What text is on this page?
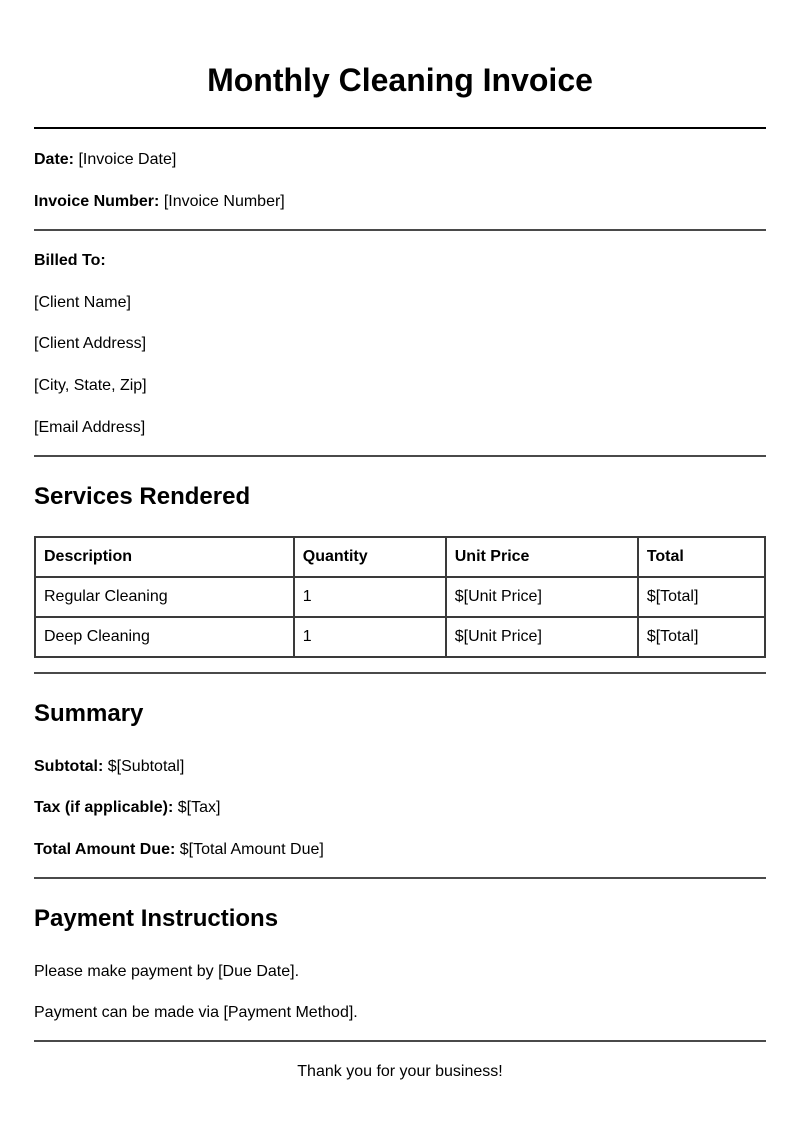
Monthly Cleaning Invoice
Date: [Invoice Date]
Invoice Number: [Invoice Number]
Billed To:
[Client Name]
[Client Address]
[City, State, Zip]
[Email Address]
Services Rendered
Description	Quantity	Unit Price	Total
Regular Cleaning	1	$[Unit Price]	$[Total]
Deep Cleaning	1	$[Unit Price]	$[Total]
Summary
Subtotal: $[Subtotal]
Tax (if applicable): $[Tax]
Total Amount Due: $[Total Amount Due]
Payment Instructions
Please make payment by [Due Date].
Payment can be made via [Payment Method].
Thank you for your business!
